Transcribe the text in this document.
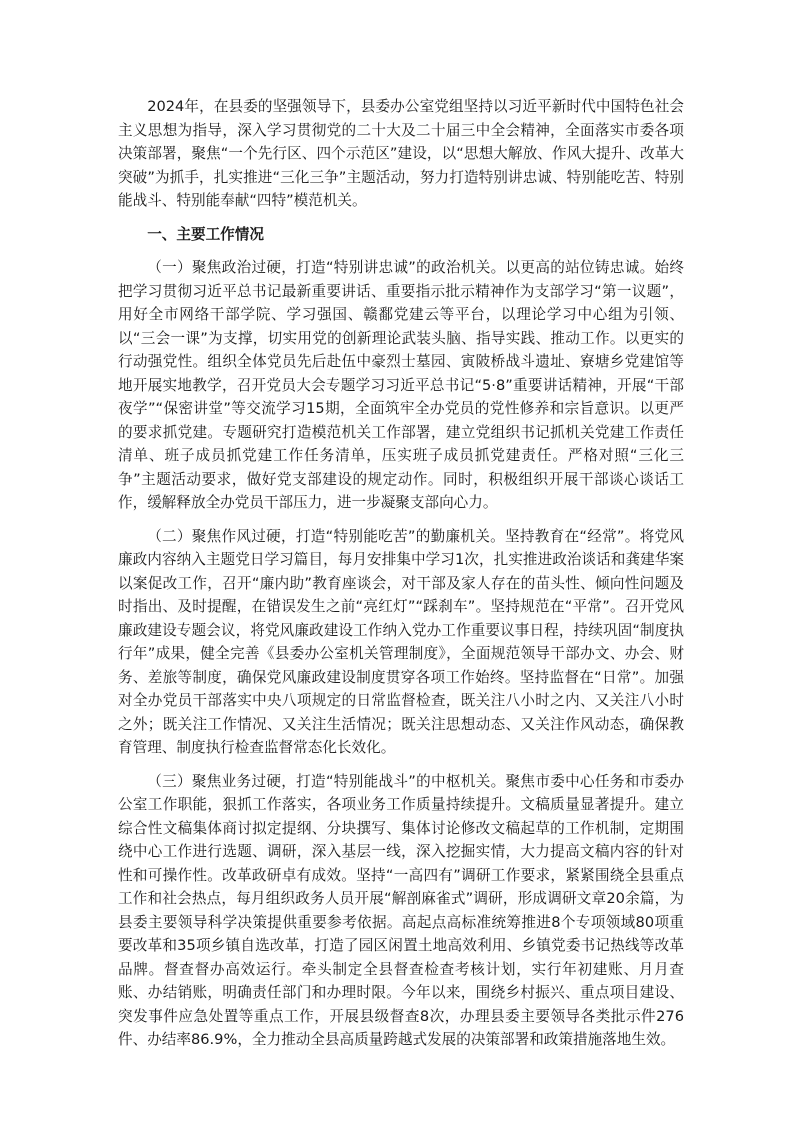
2024年，在县委的坚强领导下，县委办公室党组坚持以习近平新时代中国特色社会主义思想为指导，深入学习贯彻党的二十大及二十届三中全会精神，全面落实市委各项决策部署，聚焦“一个先行区、四个示范区”建设，以“思想大解放、作风大提升、改革大突破”为抓手，扎实推进“三化三争”主题活动，努力打造特别讲忠诚、特别能吃苦、特别能战斗、特别能奉献“四特”模范机关。

一、主要工作情况

（一）聚焦政治过硬，打造“特别讲忠诚”的政治机关。以更高的站位铸忠诚。始终把学习贯彻习近平总书记最新重要讲话、重要指示批示精神作为支部学习“第一议题”，用好全市网络干部学院、学习强国、赣鄱党建云等平台，以理论学习中心组为引领、以“三会一课”为支撑，切实用党的创新理论武装头脑、指导实践、推动工作。以更实的行动强党性。组织全体党员先后赴伍中豪烈士墓园、寅陂桥战斗遗址、寮塘乡党建馆等地开展实地教学，召开党员大会专题学习习近平总书记“5·8”重要讲话精神，开展“干部夜学”“保密讲堂”等交流学习15期，全面筑牢全办党员的党性修养和宗旨意识。以更严的要求抓党建。专题研究打造模范机关工作部署，建立党组织书记抓机关党建工作责任清单、班子成员抓党建工作任务清单，压实班子成员抓党建责任。严格对照“三化三争”主题活动要求，做好党支部建设的规定动作。同时，积极组织开展干部谈心谈话工作，缓解释放全办党员干部压力，进一步凝聚支部向心力。

（二）聚焦作风过硬，打造“特别能吃苦”的勤廉机关。坚持教育在“经常”。将党风廉政内容纳入主题党日学习篇目，每月安排集中学习1次，扎实推进政治谈话和龚建华案以案促改工作，召开“廉内助”教育座谈会，对干部及家人存在的苗头性、倾向性问题及时指出、及时提醒，在错误发生之前“亮红灯”“踩刹车”。坚持规范在“平常”。召开党风廉政建设专题会议，将党风廉政建设工作纳入党办工作重要议事日程，持续巩固“制度执行年”成果，健全完善《县委办公室机关管理制度》，全面规范领导干部办文、办会、财务、差旅等制度，确保党风廉政建设制度贯穿各项工作始终。坚持监督在“日常”。加强对全办党员干部落实中央八项规定的日常监督检查，既关注八小时之内、又关注八小时之外；既关注工作情况、又关注生活情况；既关注思想动态、又关注作风动态，确保教育管理、制度执行检查监督常态化长效化。

（三）聚焦业务过硬，打造“特别能战斗”的中枢机关。聚焦市委中心任务和市委办公室工作职能，狠抓工作落实，各项业务工作质量持续提升。文稿质量显著提升。建立综合性文稿集体商讨拟定提纲、分块撰写、集体讨论修改文稿起草的工作机制，定期围绕中心工作进行选题、调研，深入基层一线，深入挖掘实情，大力提高文稿内容的针对性和可操作性。改革政研卓有成效。坚持“一高四有”调研工作要求，紧紧围绕全县重点工作和社会热点，每月组织政务人员开展“解剖麻雀式”调研，形成调研文章20余篇，为县委主要领导科学决策提供重要参考依据。高起点高标准统筹推进8个专项领域80项重要改革和35项乡镇自选改革，打造了园区闲置土地高效利用、乡镇党委书记热线等改革品牌。督查督办高效运行。牵头制定全县督查检查考核计划，实行年初建账、月月查账、办结销账，明确责任部门和办理时限。今年以来，围绕乡村振兴、重点项目建设、突发事件应急处置等重点工作，开展县级督查8次，办理县委主要领导各类批示件276件、办结率86.9%，全力推动全县高质量跨越式发展的决策部署和政策措施落地生效。
